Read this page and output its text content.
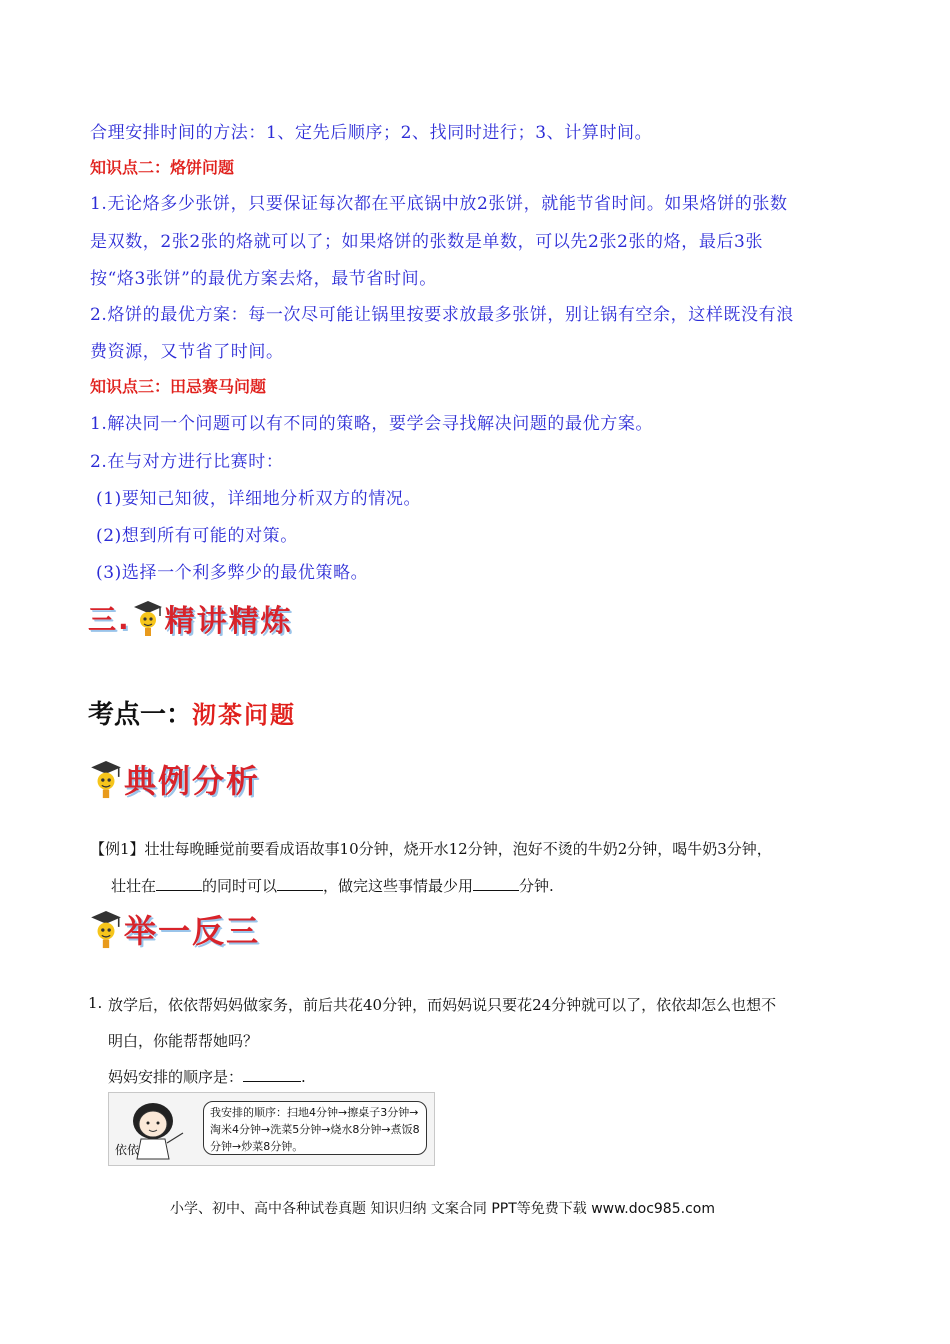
合理安排时间的方法：1、定先后顺序；2、找同时进行；3、计算时间。
知识点二：烙饼问题
1.无论烙多少张饼，只要保证每次都在平底锅中放2张饼，就能节省时间。如果烙饼的张数
是双数，2张2张的烙就可以了；如果烙饼的张数是单数，可以先2张2张的烙，最后3张
按“烙3张饼”的最优方案去烙，最节省时间。
2.烙饼的最优方案：每一次尽可能让锅里按要求放最多张饼，别让锅有空余，这样既没有浪
费资源，又节省了时间。
知识点三：田忌赛马问题
1.解决同一个问题可以有不同的策略，要学会寻找解决问题的最优方案。
2.在与对方进行比赛时：
(1)要知己知彼，详细地分析双方的情况。
(2)想到所有可能的对策。
(3)选择一个利多弊少的最优策略。
三. 精讲精炼
考点一：沏茶问题
典例分析
【例1】壮壮每晚睡觉前要看成语故事10分钟，烧开水12分钟，泡好不烫的牛奶2分钟，喝牛奶3分钟，
壮壮在	的同时可以	，做完这些事情最少用	分钟.
举一反三
1. 放学后，依依帮妈妈做家务，前后共花40分钟，而妈妈说只要花24分钟就可以了，依依却怎么也想不
明白，你能帮帮她吗？
妈妈安排的顺序是：	.
依依
我安排的顺序：扫地4分钟→擦桌子3分钟→淘米4分钟→洗菜5分钟→烧水8分钟→煮饭8分钟→炒菜8分钟。
小学、初中、高中各种试卷真题 知识归纳 文案合同 PPT等免费下载 www.doc985.com
